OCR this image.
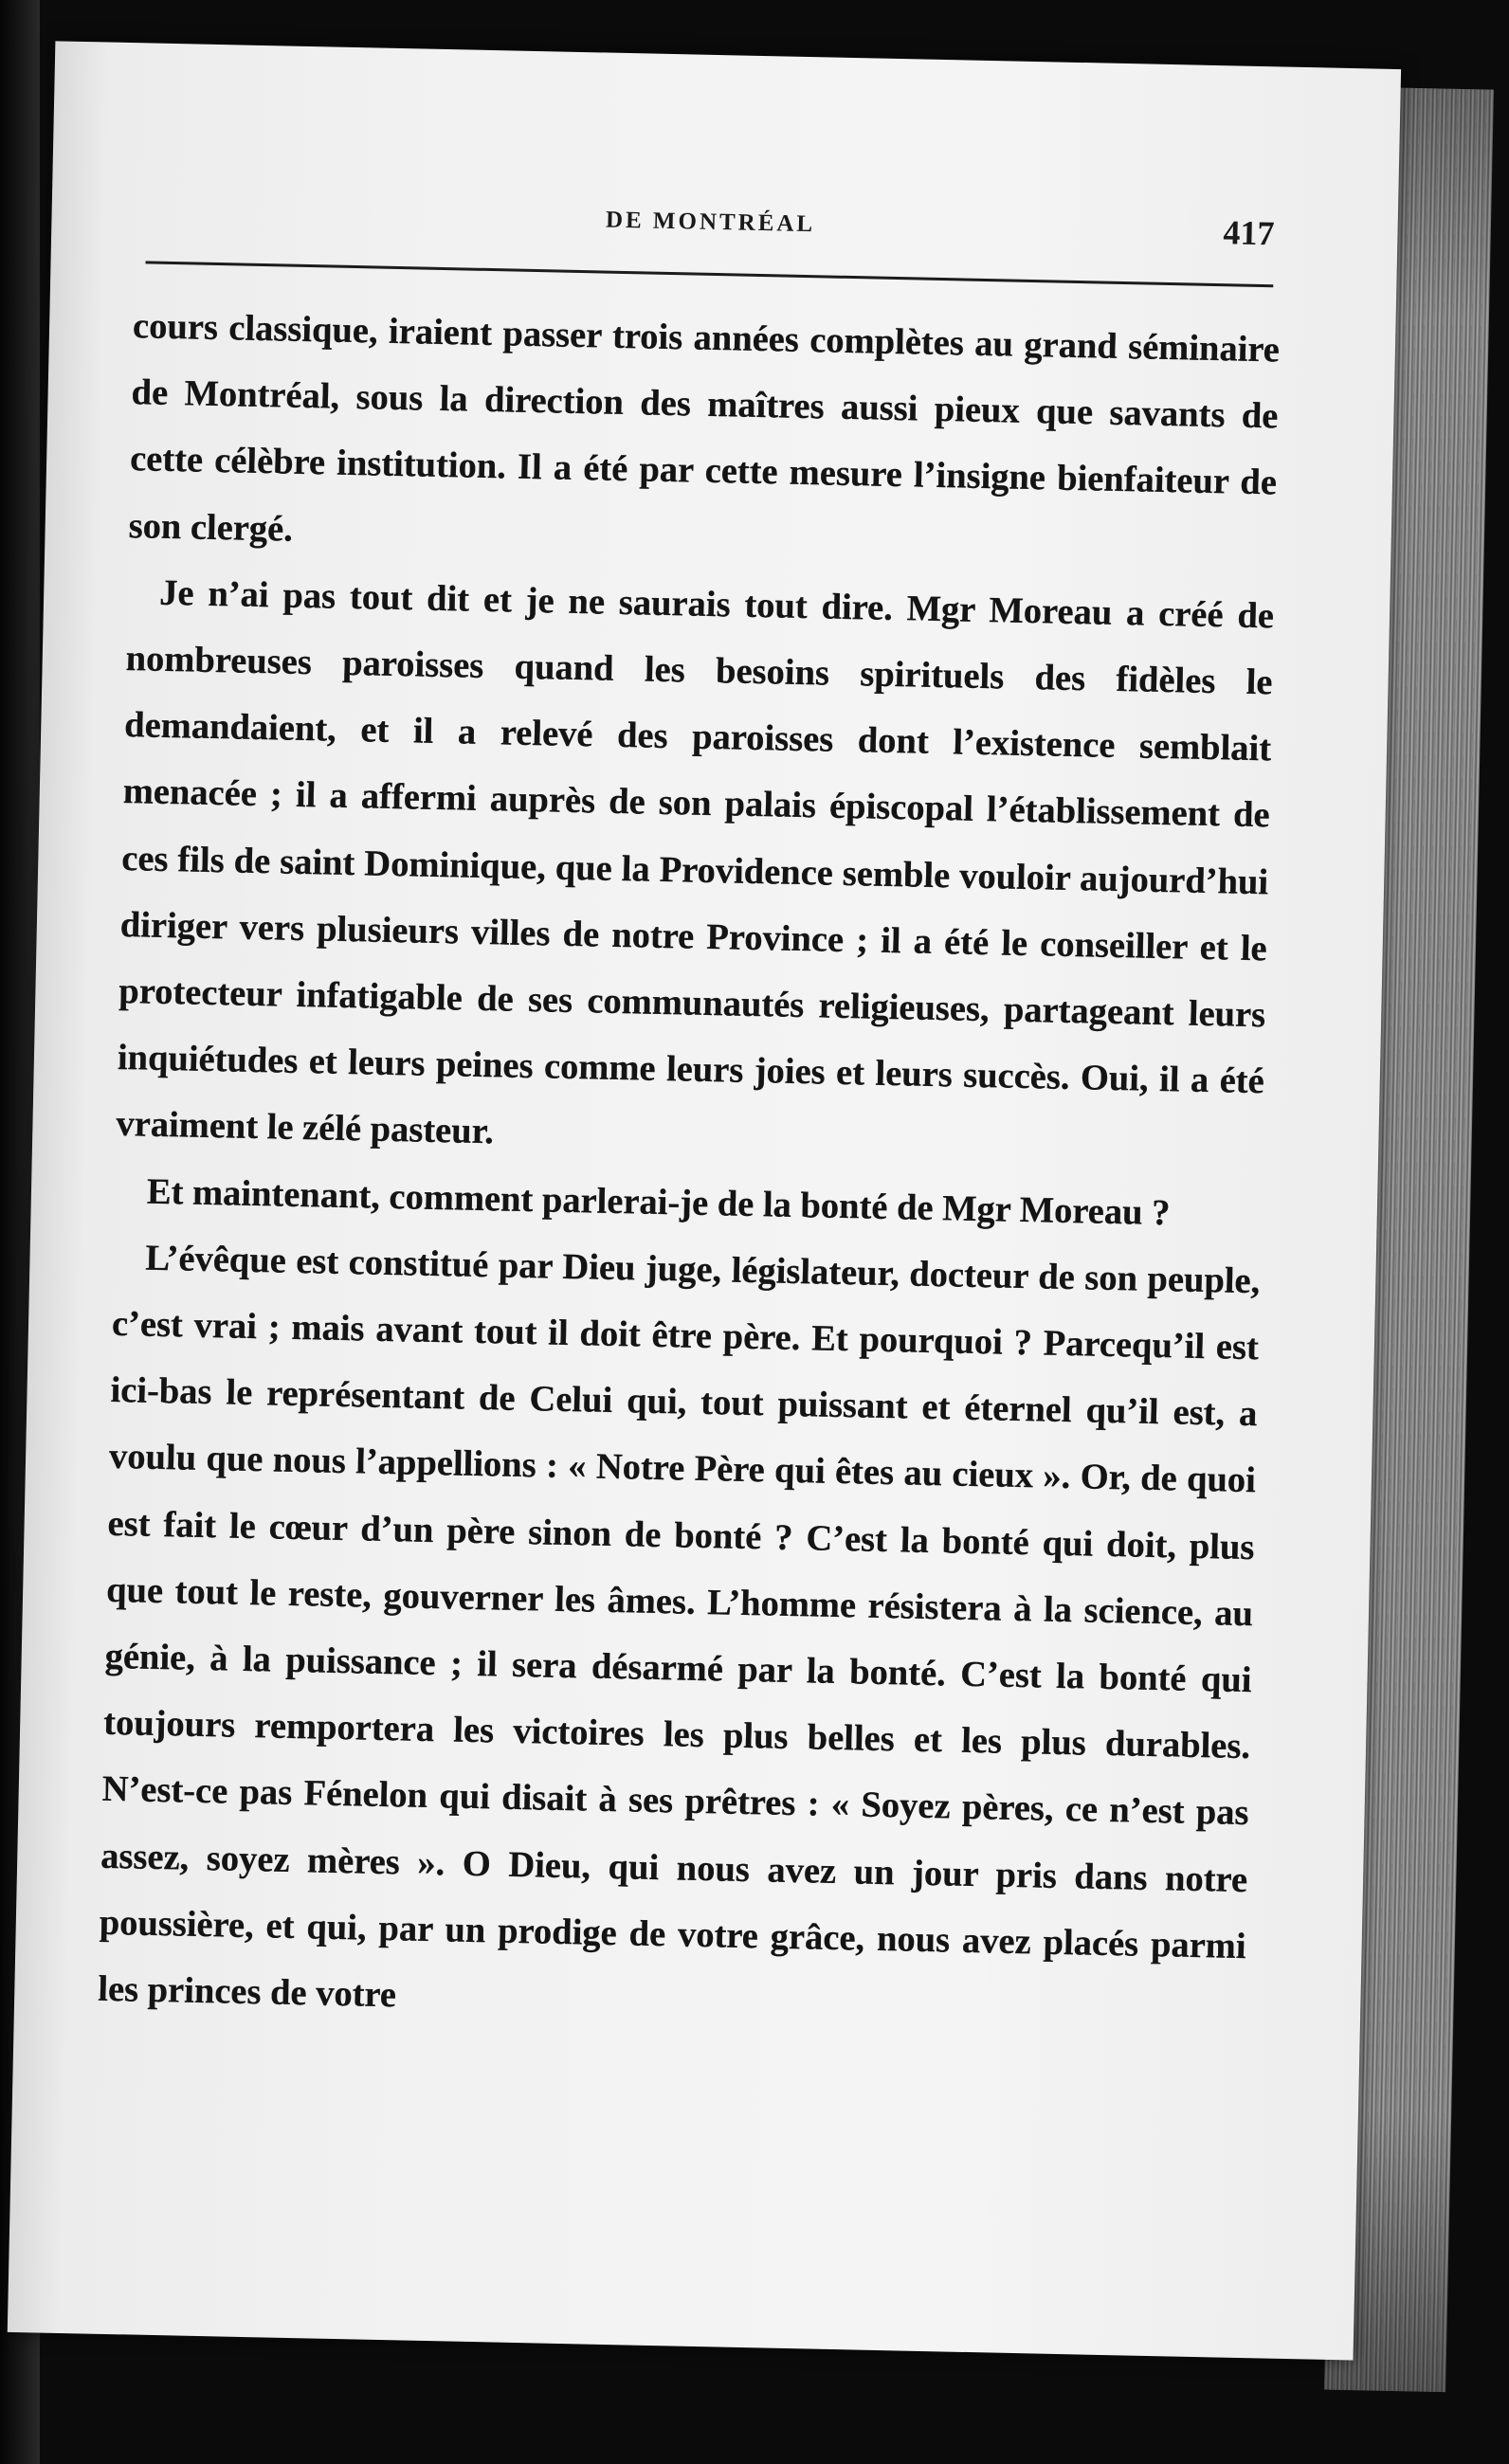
DE MONTRÉAL	417

cours classique, iraient passer trois années complètes au grand séminaire de Montréal, sous la direction des maîtres aussi pieux que savants de cette célèbre institution. Il a été par cette mesure l’insigne bienfaiteur de son clergé.

Je n’ai pas tout dit et je ne saurais tout dire. Mgr Moreau a créé de nombreuses paroisses quand les besoins spirituels des fidèles le demandaient, et il a relevé des paroisses dont l’existence semblait menacée ; il a affermi auprès de son palais épiscopal l’établissement de ces fils de saint Dominique, que la Providence semble vouloir aujourd’hui diriger vers plusieurs villes de notre Province ; il a été le conseiller et le protecteur infatigable de ses communautés religieuses, partageant leurs inquiétudes et leurs peines comme leurs joies et leurs succès. Oui, il a été vraiment le zélé pasteur.

Et maintenant, comment parlerai-je de la bonté de Mgr Moreau ?

L’évêque est constitué par Dieu juge, législateur, docteur de son peuple, c’est vrai ; mais avant tout il doit être père. Et pourquoi ? Parcequ’il est ici-bas le représentant de Celui qui, tout puissant et éternel qu’il est, a voulu que nous l’appellions : « Notre Père qui êtes au cieux ». Or, de quoi est fait le cœur d’un père sinon de bonté ? C’est la bonté qui doit, plus que tout le reste, gouverner les âmes. L’homme résistera à la science, au génie, à la puissance ; il sera désarmé par la bonté. C’est la bonté qui toujours remportera les victoires les plus belles et les plus durables. N’est-ce pas Fénelon qui disait à ses prêtres : « Soyez pères, ce n’est pas assez, soyez mères ». O Dieu, qui nous avez un jour pris dans notre poussière, et qui, par un prodige de votre grâce, nous avez placés parmi les princes de votre
